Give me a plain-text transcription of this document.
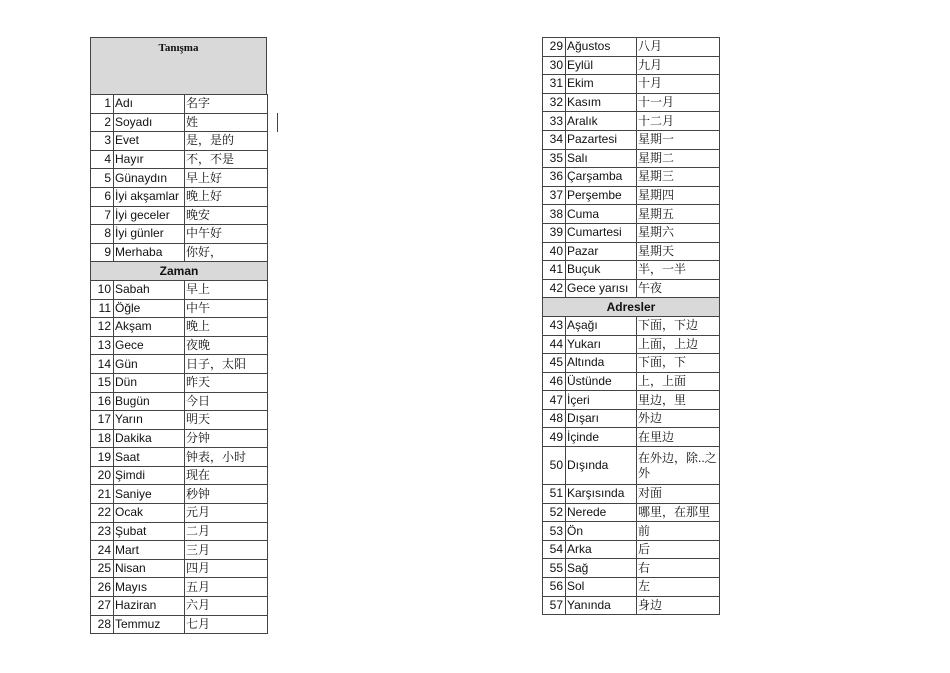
Tanışma
1	Adı	名字
2	Soyadı	姓
3	Evet	是，是的
4	Hayır	不，不是
5	Günaydın	早上好
6	İyi akşamlar	晚上好
7	İyi geceler	晚安
8	İyi günler	中午好
9	Merhaba	你好，
Zaman		
10	Sabah	早上
11	Öğle	中午
12	Akşam	晚上
13	Gece	夜晚
14	Gün	日子，太阳
15	Dün	昨天
16	Bugün	今日
17	Yarın	明天
18	Dakika	分钟
19	Saat	钟表，小时
20	Şimdi	现在
21	Saniye	秒钟
22	Ocak	元月
23	Şubat	二月
24	Mart	三月
25	Nisan	四月
26	Mayıs	五月
27	Haziran	六月
28	Temmuz	七月
29	Ağustos	八月
30	Eylül	九月
31	Ekim	十月
32	Kasım	十一月
33	Aralık	十二月
34	Pazartesi	星期一
35	Salı	星期二
36	Çarşamba	星期三
37	Perşembe	星期四
38	Cuma	星期五
39	Cumartesi	星期六
40	Pazar	星期天
41	Buçuk	半，一半
42	Gece yarısı	午夜
Adresler		
43	Aşağı	下面，下边
44	Yukarı	上面，上边
45	Altında	下面，下
46	Üstünde	上，上面
47	İçeri	里边，里
48	Dışarı	外边
49	İçinde	在里边
50	Dışında	在外边，除..之外
51	Karşısında	对面
52	Nerede	哪里，在那里
53	Ön	前
54	Arka	后
55	Sağ	右
56	Sol	左
57	Yanında	身边
